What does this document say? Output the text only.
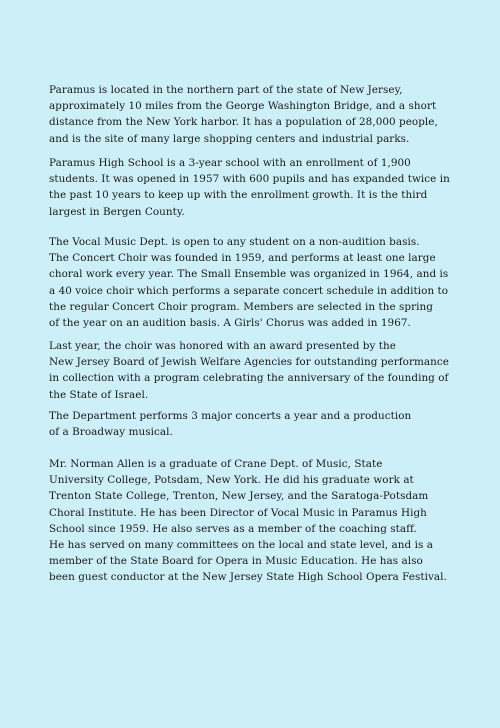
Paramus is located in the northern part of the state of New Jersey,
approximately 10 miles from the George Washington Bridge, and a short
distance from the New York harbor. It has a population of 28,000 people,
and is the site of many large shopping centers and industrial parks.

Paramus High School is a 3-year school with an enrollment of 1,900
students. It was opened in 1957 with 600 pupils and has expanded twice in
the past 10 years to keep up with the enrollment growth. It is the third
largest in Bergen County.

The Vocal Music Dept. is open to any student on a non-audition basis.
The Concert Choir was founded in 1959, and performs at least one large
choral work every year. The Small Ensemble was organized in 1964, and is
a 40 voice choir which performs a separate concert schedule in addition to
the regular Concert Choir program. Members are selected in the spring
of the year on an audition basis. A Girls' Chorus was added in 1967.

Last year, the choir was honored with an award presented by the
New Jersey Board of Jewish Welfare Agencies for outstanding performance
in collection with a program celebrating the anniversary of the founding of
the State of Israel.

The Department performs 3 major concerts a year and a production
of a Broadway musical.

Mr. Norman Allen is a graduate of Crane Dept. of Music, State
University College, Potsdam, New York. He did his graduate work at
Trenton State College, Trenton, New Jersey, and the Saratoga-Potsdam
Choral Institute. He has been Director of Vocal Music in Paramus High
School since 1959. He also serves as a member of the coaching staff.
He has served on many committees on the local and state level, and is a
member of the State Board for Opera in Music Education. He has also
been guest conductor at the New Jersey State High School Opera Festival.
